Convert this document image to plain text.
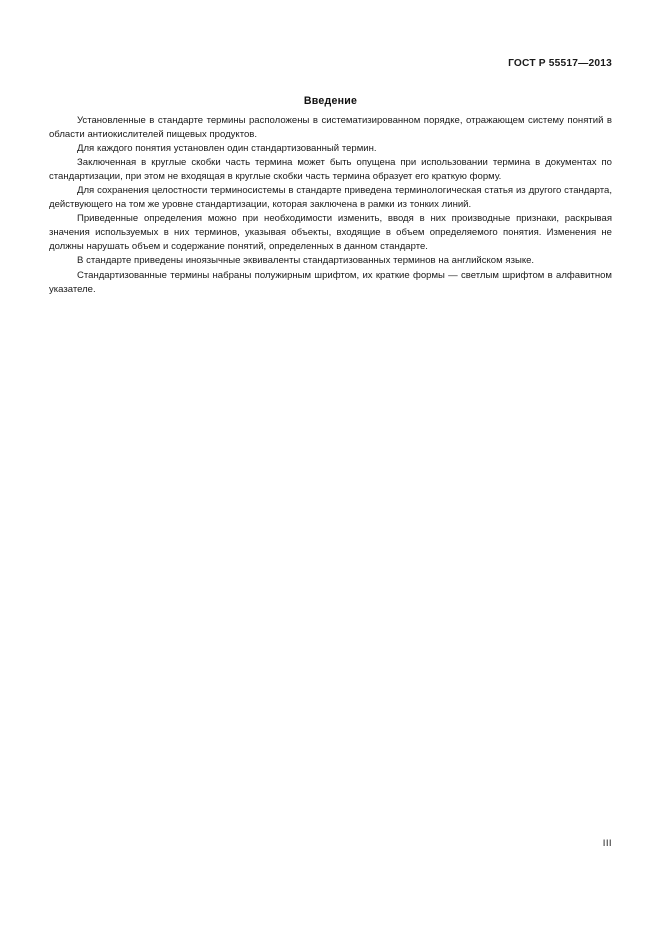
ГОСТ Р 55517—2013
Введение

Установленные в стандарте термины расположены в систематизированном порядке, отражающем систему понятий в области антиокислителей пищевых продуктов.

Для каждого понятия установлен один стандартизованный термин.

Заключенная в круглые скобки часть термина может быть опущена при использовании термина в документах по стандартизации, при этом не входящая в круглые скобки часть термина образует его краткую форму.

Для сохранения целостности терминосистемы в стандарте приведена терминологическая статья из другого стандарта, действующего на том же уровне стандартизации, которая заключена в рамки из тонких линий.

Приведенные определения можно при необходимости изменить, вводя в них производные признаки, раскрывая значения используемых в них терминов, указывая объекты, входящие в объем определяемого понятия. Изменения не должны нарушать объем и содержание понятий, определенных в данном стандарте.

В стандарте приведены иноязычные эквиваленты стандартизованных терминов на английском языке.

Стандартизованные термины набраны полужирным шрифтом, их краткие формы — светлым шрифтом в алфавитном указателе.

III
